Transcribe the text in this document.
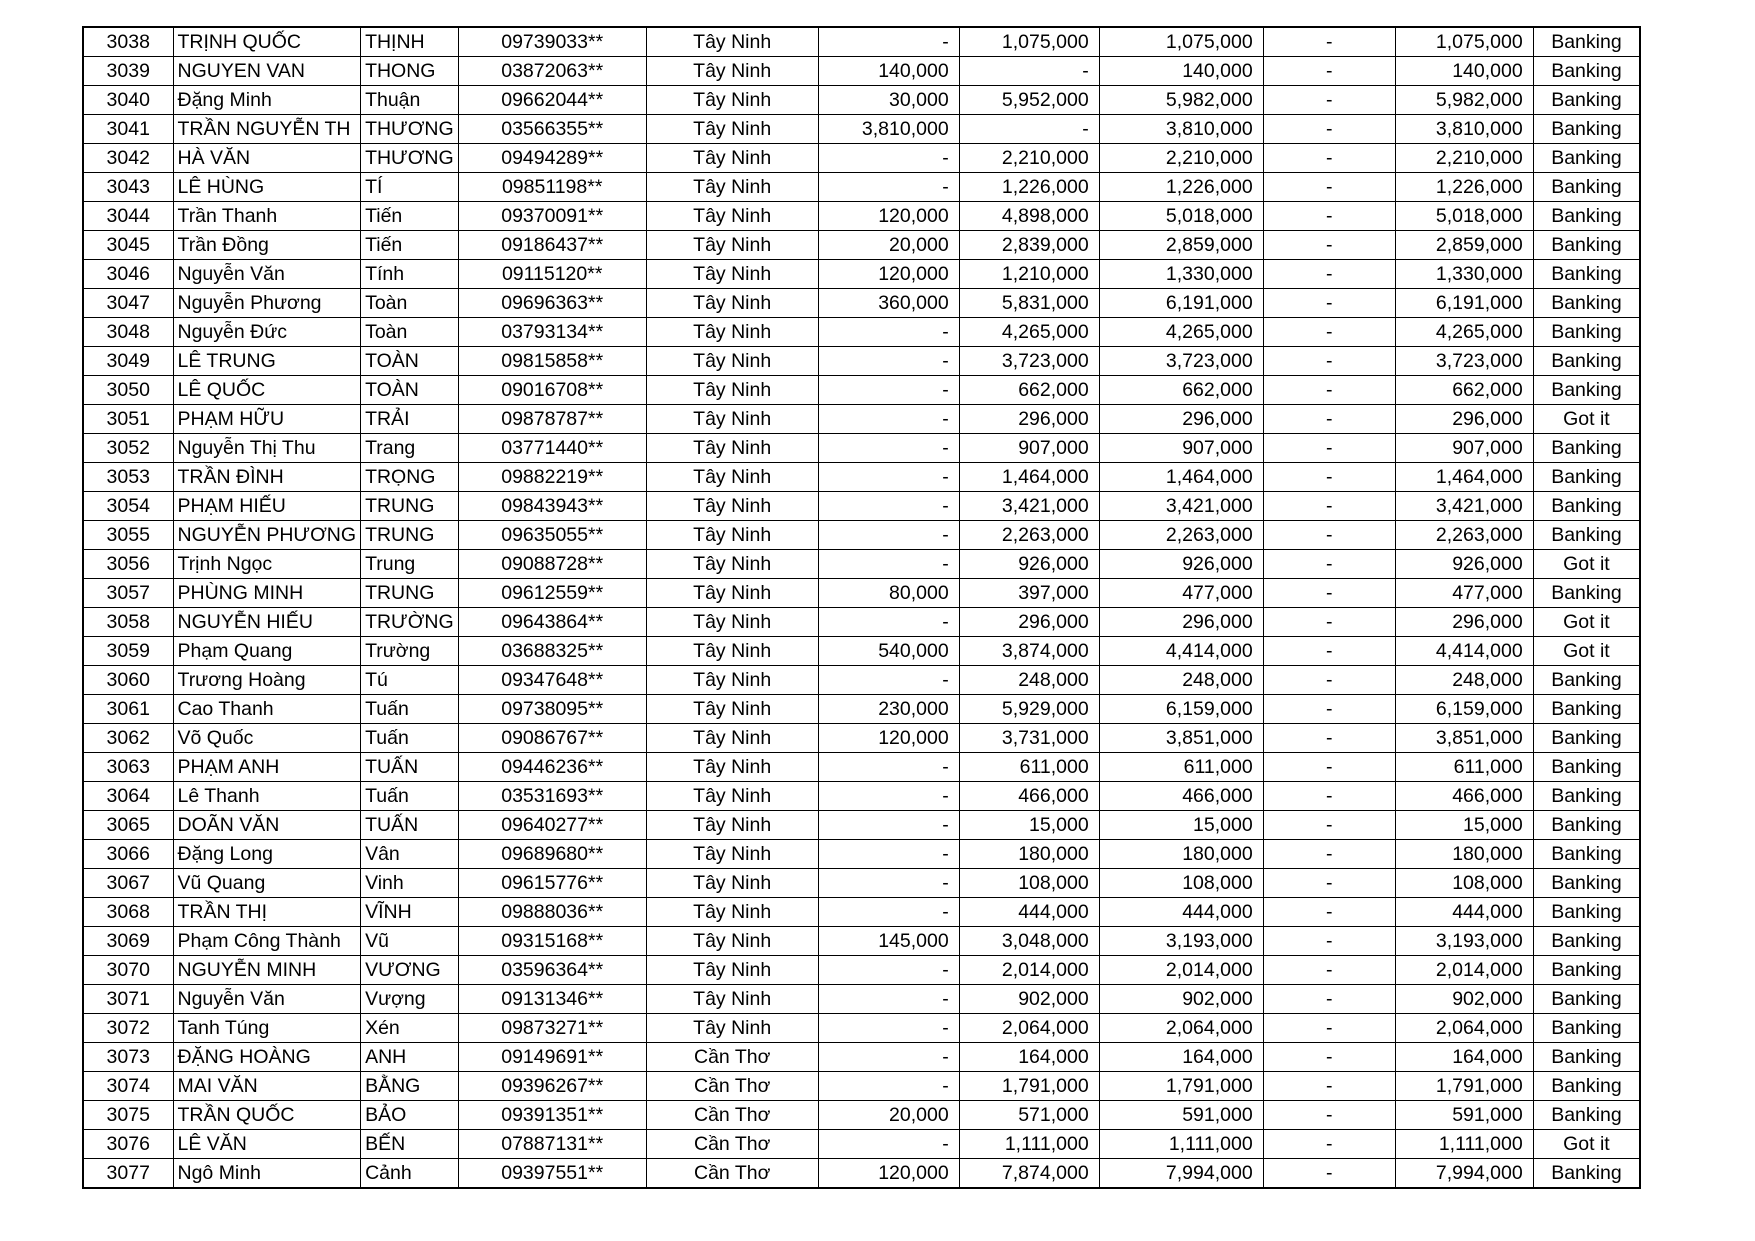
3038	TRỊNH QUỐC	THỊNH	09739033**	Tây Ninh	-	1,075,000	1,075,000	-	1,075,000	Banking
3039	NGUYEN VAN	THONG	03872063**	Tây Ninh	140,000	-	140,000	-	140,000	Banking
3040	Đặng Minh	Thuận	09662044**	Tây Ninh	30,000	5,952,000	5,982,000	-	5,982,000	Banking
3041	TRẦN NGUYỄN TH	THƯƠNG	03566355**	Tây Ninh	3,810,000	-	3,810,000	-	3,810,000	Banking
3042	HÀ VĂN	THƯƠNG	09494289**	Tây Ninh	-	2,210,000	2,210,000	-	2,210,000	Banking
3043	LÊ HÙNG	TÍ	09851198**	Tây Ninh	-	1,226,000	1,226,000	-	1,226,000	Banking
3044	Trần Thanh	Tiến	09370091**	Tây Ninh	120,000	4,898,000	5,018,000	-	5,018,000	Banking
3045	Trần Đồng	Tiến	09186437**	Tây Ninh	20,000	2,839,000	2,859,000	-	2,859,000	Banking
3046	Nguyễn Văn	Tính	09115120**	Tây Ninh	120,000	1,210,000	1,330,000	-	1,330,000	Banking
3047	Nguyễn Phương	Toàn	09696363**	Tây Ninh	360,000	5,831,000	6,191,000	-	6,191,000	Banking
3048	Nguyễn Đức	Toàn	03793134**	Tây Ninh	-	4,265,000	4,265,000	-	4,265,000	Banking
3049	LÊ TRUNG	TOÀN	09815858**	Tây Ninh	-	3,723,000	3,723,000	-	3,723,000	Banking
3050	LÊ QUỐC	TOÀN	09016708**	Tây Ninh	-	662,000	662,000	-	662,000	Banking
3051	PHẠM HỮU	TRẢI	09878787**	Tây Ninh	-	296,000	296,000	-	296,000	Got it
3052	Nguyễn Thị Thu	Trang	03771440**	Tây Ninh	-	907,000	907,000	-	907,000	Banking
3053	TRẦN ĐÌNH	TRỌNG	09882219**	Tây Ninh	-	1,464,000	1,464,000	-	1,464,000	Banking
3054	PHẠM HIẾU	TRUNG	09843943**	Tây Ninh	-	3,421,000	3,421,000	-	3,421,000	Banking
3055	NGUYỄN PHƯƠNG	TRUNG	09635055**	Tây Ninh	-	2,263,000	2,263,000	-	2,263,000	Banking
3056	Trịnh Ngọc	Trung	09088728**	Tây Ninh	-	926,000	926,000	-	926,000	Got it
3057	PHÙNG MINH	TRUNG	09612559**	Tây Ninh	80,000	397,000	477,000	-	477,000	Banking
3058	NGUYỄN HIẾU	TRƯỜNG	09643864**	Tây Ninh	-	296,000	296,000	-	296,000	Got it
3059	Phạm Quang	Trường	03688325**	Tây Ninh	540,000	3,874,000	4,414,000	-	4,414,000	Got it
3060	Trương Hoàng	Tú	09347648**	Tây Ninh	-	248,000	248,000	-	248,000	Banking
3061	Cao Thanh	Tuấn	09738095**	Tây Ninh	230,000	5,929,000	6,159,000	-	6,159,000	Banking
3062	Võ Quốc	Tuấn	09086767**	Tây Ninh	120,000	3,731,000	3,851,000	-	3,851,000	Banking
3063	PHẠM ANH	TUẤN	09446236**	Tây Ninh	-	611,000	611,000	-	611,000	Banking
3064	Lê Thanh	Tuấn	03531693**	Tây Ninh	-	466,000	466,000	-	466,000	Banking
3065	DOÃN VĂN	TUẤN	09640277**	Tây Ninh	-	15,000	15,000	-	15,000	Banking
3066	Đặng Long	Vân	09689680**	Tây Ninh	-	180,000	180,000	-	180,000	Banking
3067	Vũ Quang	Vinh	09615776**	Tây Ninh	-	108,000	108,000	-	108,000	Banking
3068	TRẦN THỊ	VĨNH	09888036**	Tây Ninh	-	444,000	444,000	-	444,000	Banking
3069	Phạm Công Thành	Vũ	09315168**	Tây Ninh	145,000	3,048,000	3,193,000	-	3,193,000	Banking
3070	NGUYỄN MINH	VƯƠNG	03596364**	Tây Ninh	-	2,014,000	2,014,000	-	2,014,000	Banking
3071	Nguyễn Văn	Vượng	09131346**	Tây Ninh	-	902,000	902,000	-	902,000	Banking
3072	Tanh Túng	Xén	09873271**	Tây Ninh	-	2,064,000	2,064,000	-	2,064,000	Banking
3073	ĐẶNG HOÀNG	ANH	09149691**	Cần Thơ	-	164,000	164,000	-	164,000	Banking
3074	MAI VĂN	BẰNG	09396267**	Cần Thơ	-	1,791,000	1,791,000	-	1,791,000	Banking
3075	TRẦN QUỐC	BẢO	09391351**	Cần Thơ	20,000	571,000	591,000	-	591,000	Banking
3076	LÊ VĂN	BẾN	07887131**	Cần Thơ	-	1,111,000	1,111,000	-	1,111,000	Got it
3077	Ngô Minh	Cảnh	09397551**	Cần Thơ	120,000	7,874,000	7,994,000	-	7,994,000	Banking
